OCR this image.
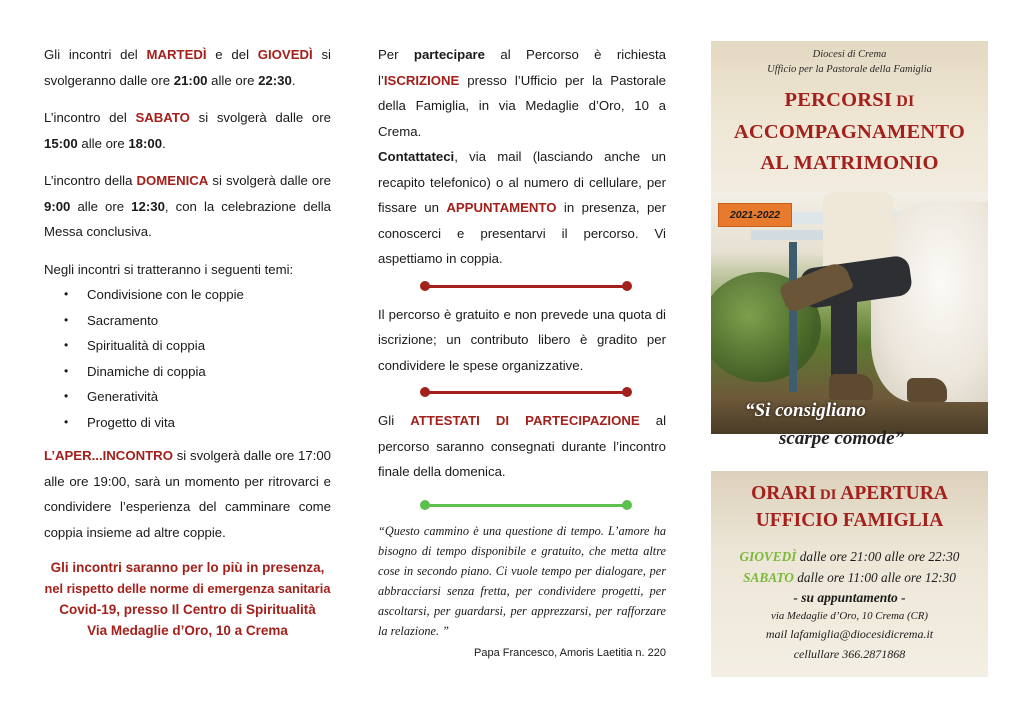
Gli incontri del MARTEDÌ e del GIOVEDÌ si svolgeranno dalle ore 21:00 alle ore 22:30.

L’incontro del SABATO si svolgerà dalle ore 15:00 alle ore 18:00.

L’incontro della DOMENICA si svolgerà dalle ore 9:00 alle ore 12:30, con la celebrazione della Messa conclusiva.

Negli incontri si tratteranno i seguenti temi:

• Condivisione con le coppie
• Sacramento
• Spiritualità di coppia
• Dinamiche di coppia
• Generatività
• Progetto di vita

L’APER...INCONTRO si svolgerà dalle ore 17:00 alle ore 19:00, sarà un momento per ritrovarci e condividere l’esperienza del camminare come coppia insieme ad altre coppie.

Gli incontri saranno per lo più in presenza,
nel rispetto delle norme di emergenza sanitaria
Covid-19, presso Il Centro di Spiritualità
Via Medaglie d’Oro, 10 a Crema

Per partecipare al Percorso è richiesta l’ISCRIZIONE presso l’Ufficio per la Pastorale della Famiglia, in via Medaglie d’Oro, 10 a Crema.

Contattateci, via mail (lasciando anche un recapito telefonico) o al numero di cellulare, per fissare un APPUNTAMENTO in presenza, per conoscerci e presentarvi il percorso. Vi aspettiamo in coppia.

Il percorso è gratuito e non prevede una quota di iscrizione; un contributo libero è gradito per condividere le spese organizzative.

Gli ATTESTATI DI PARTECIPAZIONE al percorso saranno consegnati durante l’incontro finale della domenica.

“Questo cammino è una questione di tempo. L’amore ha bisogno di tempo disponibile e gratuito, che metta altre cose in secondo piano. Ci vuole tempo per dialogare, per abbracciarsi senza fretta, per condividere progetti, per ascoltarsi, per guardarsi, per apprezzarsi, per rafforzare la relazione. ”

Papa Francesco, Amoris Laetitia n. 220

Diocesi di Crema
Ufficio per la Pastorale della Famiglia
PERCORSI DI
ACCOMPAGNAMENTO
AL MATRIMONIO
2021-2022
“Si consigliano
scarpe comode”
ORARI DI APERTURA
UFFICIO FAMIGLIA
GIOVEDÌ dalle ore 21:00 alle ore 22:30
SABATO dalle ore 11:00 alle ore 12:30
- su appuntamento -
via Medaglie d’Oro, 10 Crema (CR)
mail lafamiglia@diocesidicrema.it
cellullare 366.2871868
